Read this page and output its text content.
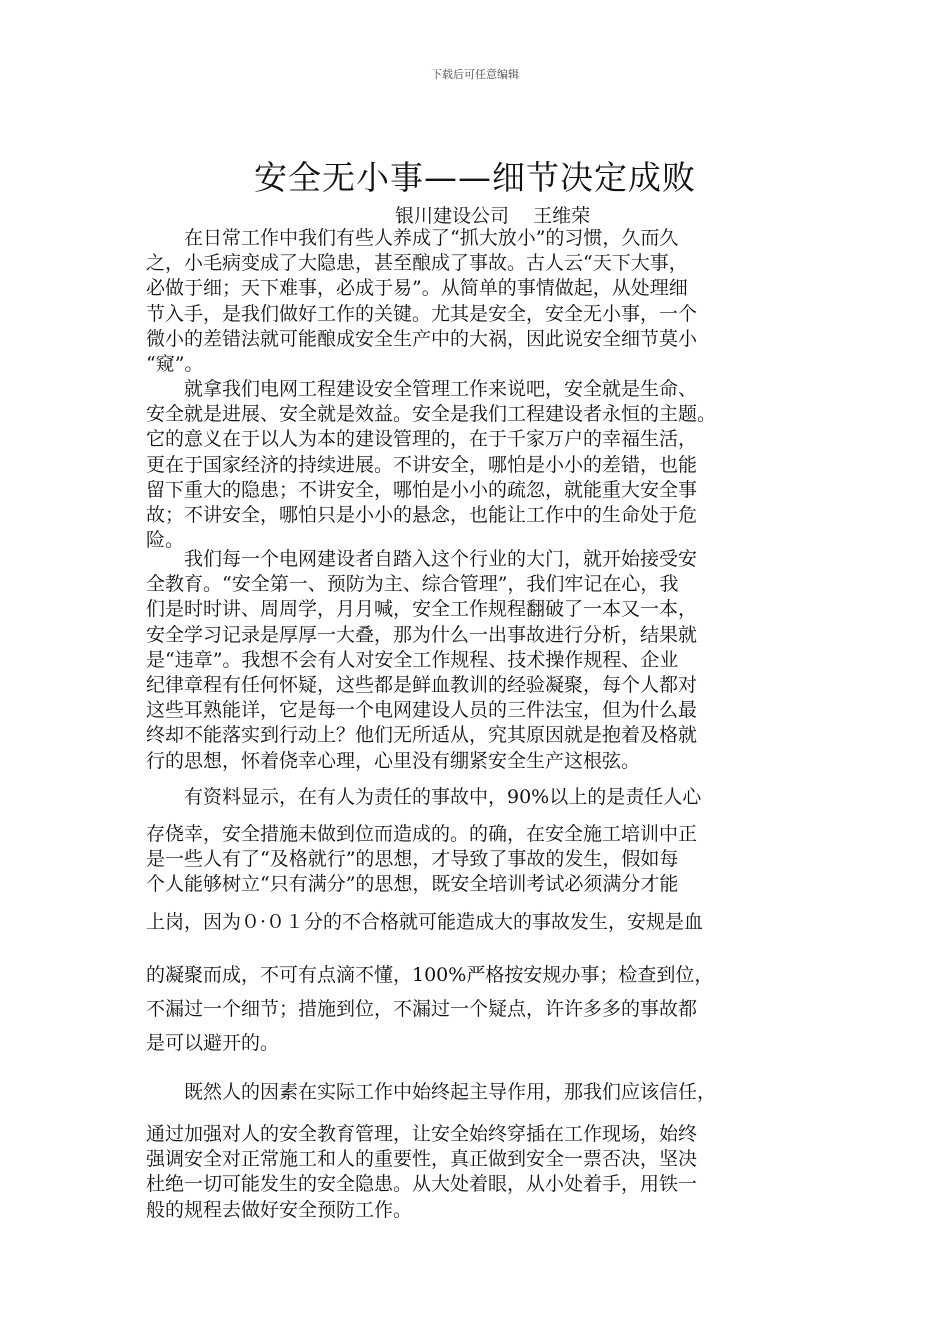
下载后可任意编辑
安全无小事——细节决定成败
银川建设公司    王维荣
　　在日常工作中我们有些人养成了“抓大放小”的习惯，久而久
之，小毛病变成了大隐患，甚至酿成了事故。古人云“天下大事，
必做于细；天下难事，必成于易”。从简单的事情做起，从处理细
节入手，是我们做好工作的关键。尤其是安全，安全无小事，一个
微小的差错法就可能酿成安全生产中的大祸，因此说安全细节莫小
“窥”。
　　就拿我们电网工程建设安全管理工作来说吧，安全就是生命、
安全就是进展、安全就是效益。安全是我们工程建设者永恒的主题。
它的意义在于以人为本的建设管理的，在于千家万户的幸福生活，
更在于国家经济的持续进展。不讲安全，哪怕是小小的差错，也能
留下重大的隐患；不讲安全，哪怕是小小的疏忽，就能重大安全事
故；不讲安全，哪怕只是小小的悬念，也能让工作中的生命处于危
险。
　　我们每一个电网建设者自踏入这个行业的大门，就开始接受安
全教育。“安全第一、预防为主、综合管理”，我们牢记在心，我
们是时时讲、周周学，月月喊，安全工作规程翻破了一本又一本，
安全学习记录是厚厚一大叠，那为什么一出事故进行分析，结果就
是“违章”。我想不会有人对安全工作规程、技术操作规程、企业
纪律章程有任何怀疑，这些都是鲜血教训的经验凝聚，每个人都对
这些耳熟能详，它是每一个电网建设人员的三件法宝，但为什么最
终却不能落实到行动上？他们无所适从，究其原因就是抱着及格就
行的思想，怀着侥幸心理，心里没有绷紧安全生产这根弦。
　　有资料显示，在有人为责任的事故中，90%以上的是责任人心
存侥幸，安全措施未做到位而造成的。的确，在安全施工培训中正
是一些人有了“及格就行”的思想，才导致了事故的发生，假如每
个人能够树立“只有满分”的思想，既安全培训考试必须满分才能
上岗，因为０·０１分的不合格就可能造成大的事故发生，安规是血
的凝聚而成，不可有点滴不懂，100%严格按安规办事；检查到位，
不漏过一个细节；措施到位，不漏过一个疑点，许许多多的事故都
是可以避开的。
　　既然人的因素在实际工作中始终起主导作用，那我们应该信任，
通过加强对人的安全教育管理，让安全始终穿插在工作现场，始终
强调安全对正常施工和人的重要性，真正做到安全一票否决，坚决
杜绝一切可能发生的安全隐患。从大处着眼，从小处着手，用铁一
般的规程去做好安全预防工作。
